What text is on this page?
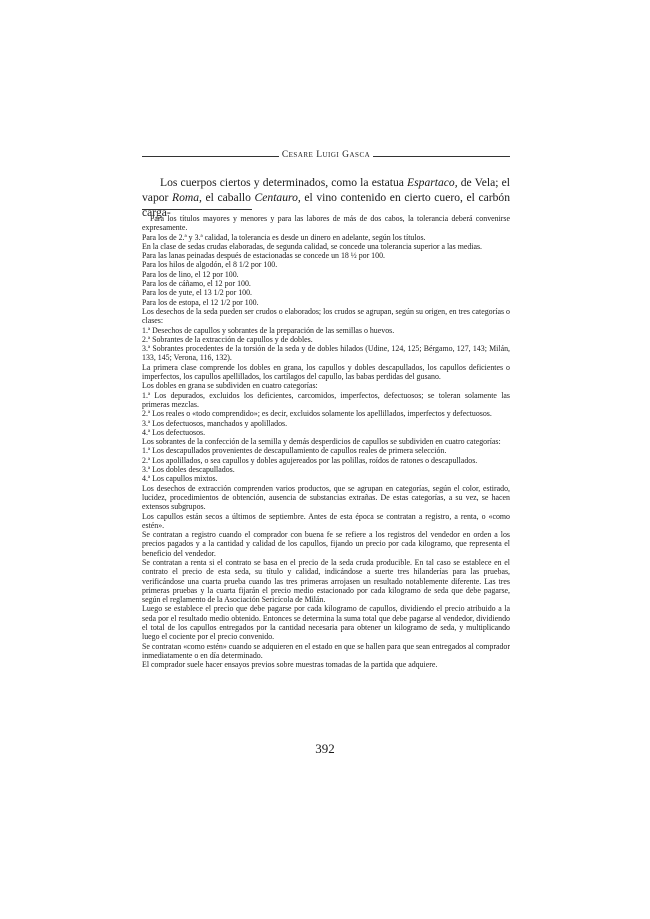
Cesare Luigi Gasca

Los cuerpos ciertos y determinados, como la estatua Espartaco, de Vela; el vapor Roma, el caballo Centauro, el vino contenido en cierto cuero, el carbón carga-

Para los títulos mayores y menores y para las labores de más de dos cabos, la tolerancia deberá convenirse expresamente.

Para los de 2.ª y 3.ª calidad, la tolerancia es desde un dinero en adelante, según los títulos.

En la clase de sedas crudas elaboradas, de segunda calidad, se concede una tolerancia superior a las medias.

Para las lanas peinadas después de estacionadas se concede un 18 ½ por 100.

Para los hilos de algodón, el 8 1/2 por 100.

Para los de lino, el 12 por 100.

Para los de cáñamo, el 12 por 100.

Para los de yute, el 13 1/2 por 100.

Para los de estopa, el 12 1/2 por 100.

Los desechos de la seda pueden ser crudos o elaborados; los crudos se agrupan, según su origen, en tres categorías o clases:

1.ª Desechos de capullos y sobrantes de la preparación de las semillas o huevos.

2.ª Sobrantes de la extracción de capullos y de dobles.

3.ª Sobrantes procedentes de la torsión de la seda y de dobles hilados (Udine, 124, 125; Bérgamo, 127, 143; Milán, 133, 145; Verona, 116, 132).

La primera clase comprende los dobles en grana, los capullos y dobles descapullados, los capullos deficientes o imperfectos, los capullos apellillados, los cartílagos del capullo, las babas perdidas del gusano.

Los dobles en grana se subdividen en cuatro categorías:

1.ª Los depurados, excluidos los deficientes, carcomidos, imperfectos, defectuosos; se toleran solamente las primeras mezclas.

2.ª Los reales o «todo comprendido»; es decir, excluidos solamente los apellillados, imperfectos y defectuosos.

3.ª Los defectuosos, manchados y apolillados.

4.ª Los defectuosos.

Los sobrantes de la confección de la semilla y demás desperdicios de capullos se subdividen en cuatro categorías:

1.ª Los descapullados provenientes de descapullamiento de capullos reales de primera selección.

2.ª Los apolillados, o sea capullos y dobles agujereados por las polillas, roídos de ratones o descapullados.

3.ª Los dobles descapullados.

4.ª Los capullos mixtos.

Los desechos de extracción comprenden varios productos, que se agrupan en categorías, según el color, estirado, lucidez, procedimientos de obtención, ausencia de substancias extrañas. De estas categorías, a su vez, se hacen extensos subgrupos.

Los capullos están secos a últimos de septiembre. Antes de esta época se contratan a registro, a renta, o «como estén».

Se contratan a registro cuando el comprador con buena fe se refiere a los registros del vendedor en orden a los precios pagados y a la cantidad y calidad de los capullos, fijando un precio por cada kilogramo, que representa el beneficio del vendedor.

Se contratan a renta si el contrato se basa en el precio de la seda cruda producible. En tal caso se establece en el contrato el precio de esta seda, su título y calidad, indicándose a suerte tres hilanderías para las pruebas, verificándose una cuarta prueba cuando las tres primeras arrojasen un resultado notablemente diferente. Las tres primeras pruebas y la cuarta fijarán el precio medio estacionado por cada kilogramo de seda que debe pagarse, según el reglamento de la Asociación Sericícola de Milán.

Luego se establece el precio que debe pagarse por cada kilogramo de capullos, dividiendo el precio atribuido a la seda por el resultado medio obtenido. Entonces se determina la suma total que debe pagarse al vendedor, dividiendo el total de los capullos entregados por la cantidad necesaria para obtener un kilogramo de seda, y multiplicando luego el cociente por el precio convenido.

Se contratan «como estén» cuando se adquieren en el estado en que se hallen para que sean entregados al comprador inmediatamente o en día determinado.

El comprador suele hacer ensayos previos sobre muestras tomadas de la partida que adquiere.

392
